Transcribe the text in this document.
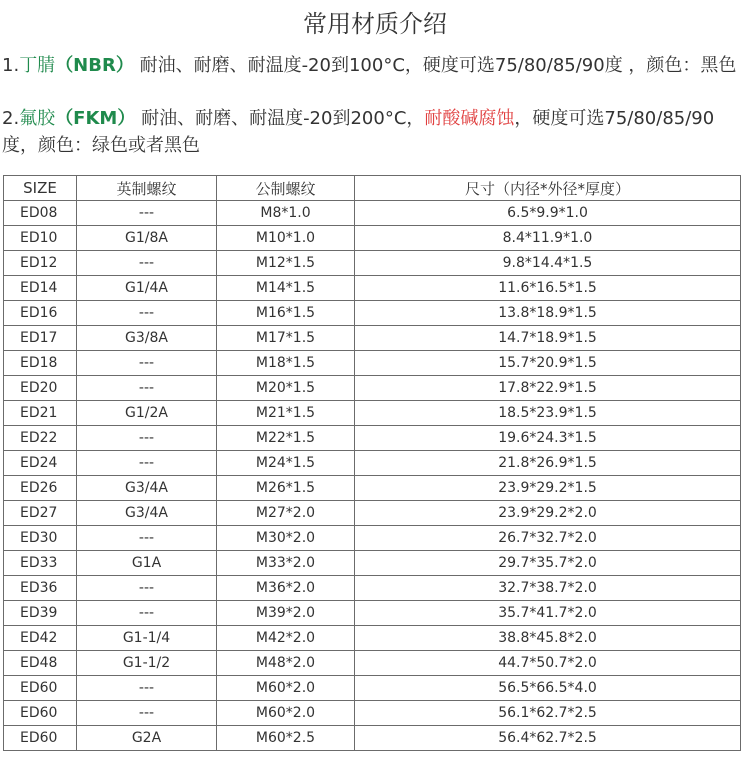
常用材质介绍
1.丁腈（NBR） 耐油、耐磨、耐温度-20到100°C，硬度可选75/80/85/90度 ，颜色：黑色
2.氟胶（FKM） 耐油、耐磨、耐温度-20到200°C，耐酸碱腐蚀，硬度可选75/80/85/90度，颜色：绿色或者黑色
SIZE	英制螺纹	公制螺纹	尺寸（内径*外径*厚度）
ED08	---	M8*1.0	6.5*9.9*1.0
ED10	G1/8A	M10*1.0	8.4*11.9*1.0
ED12	---	M12*1.5	9.8*14.4*1.5
ED14	G1/4A	M14*1.5	11.6*16.5*1.5
ED16	---	M16*1.5	13.8*18.9*1.5
ED17	G3/8A	M17*1.5	14.7*18.9*1.5
ED18	---	M18*1.5	15.7*20.9*1.5
ED20	---	M20*1.5	17.8*22.9*1.5
ED21	G1/2A	M21*1.5	18.5*23.9*1.5
ED22	---	M22*1.5	19.6*24.3*1.5
ED24	---	M24*1.5	21.8*26.9*1.5
ED26	G3/4A	M26*1.5	23.9*29.2*1.5
ED27	G3/4A	M27*2.0	23.9*29.2*2.0
ED30	---	M30*2.0	26.7*32.7*2.0
ED33	G1A	M33*2.0	29.7*35.7*2.0
ED36	---	M36*2.0	32.7*38.7*2.0
ED39	---	M39*2.0	35.7*41.7*2.0
ED42	G1-1/4	M42*2.0	38.8*45.8*2.0
ED48	G1-1/2	M48*2.0	44.7*50.7*2.0
ED60	---	M60*2.0	56.5*66.5*4.0
ED60	---	M60*2.0	56.1*62.7*2.5
ED60	G2A	M60*2.5	56.4*62.7*2.5
